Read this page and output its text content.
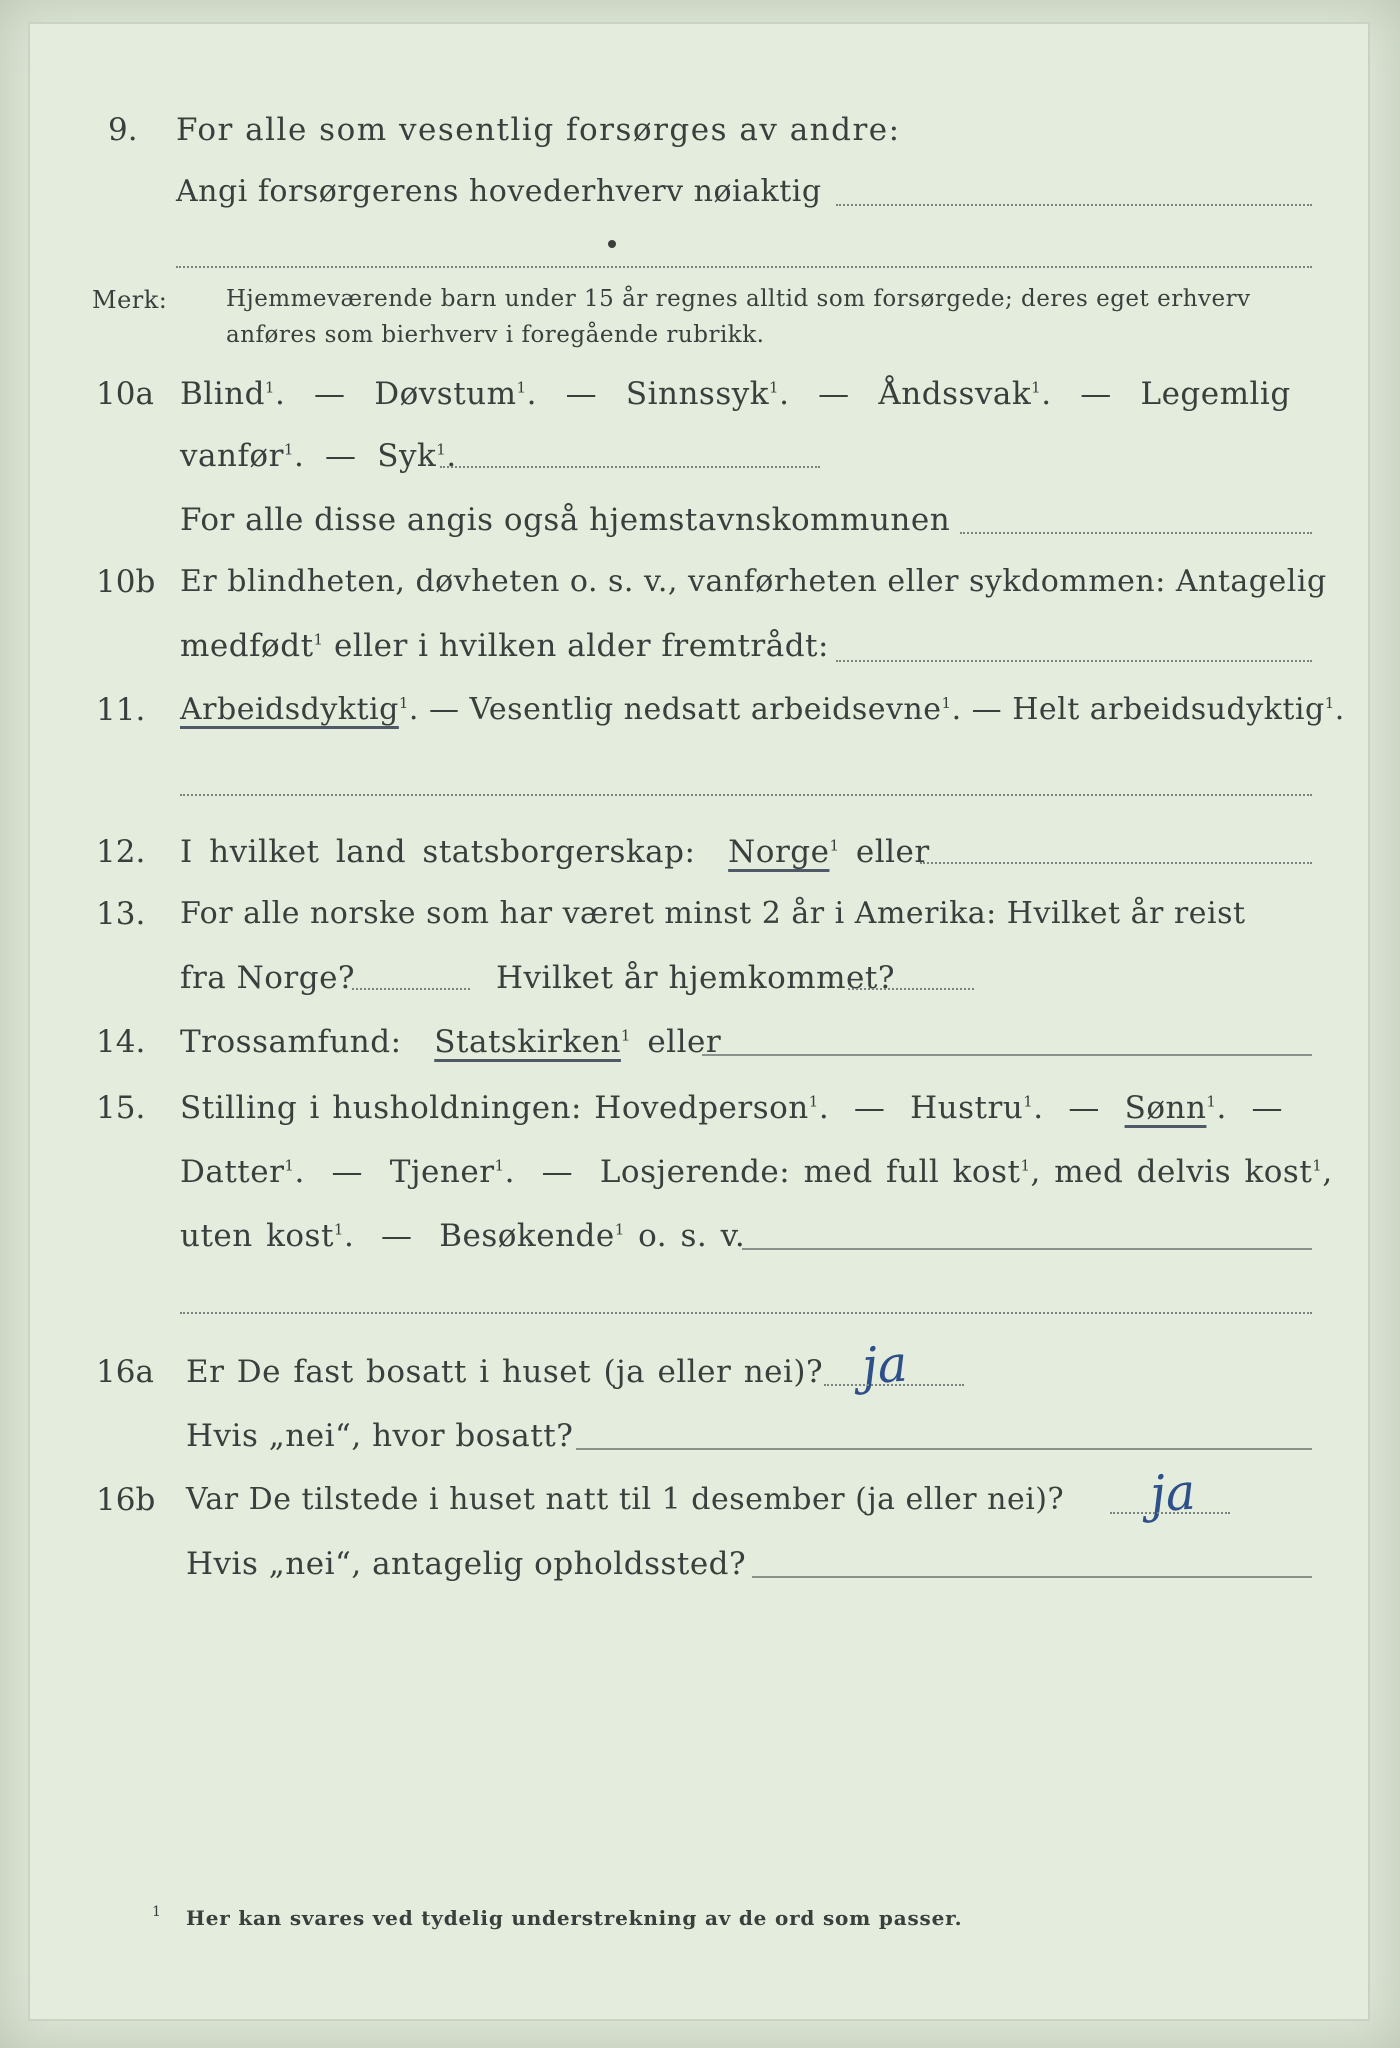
9. For alle som vesentlig forsørges av andre:
Angi forsørgerens hovederhverv nøiaktig
Merk:	Hjemmeværende barn under 15 år regnes alltid som forsørgede; deres eget erhverv
anføres som bierhverv i foregående rubrikk.
10a Blind$^1$.  — Døvstum$^1$.  — Sinnssyk$^1$.  — Åndssvak$^1$.  — Legemlig
vanfør$^1$.  — Syk$^1$.
For alle disse angis også hjemstavnskommunen
10b Er blindheten, døvheten o. s. v., vanførheten eller sykdommen: Antagelig
medfødt$^1$ eller i hvilken alder fremtrådt:
11. Arbeidsdyktig$^1$. — Vesentlig nedsatt arbeidsevne$^1$. — Helt arbeidsudyktig$^1$.
12. I hvilket land statsborgerskap: Norge$^1$ eller
13. For alle norske som har været minst 2 år i Amerika: Hvilket år reist
fra Norge?	Hvilket år hjemkommet?
14. Trossamfund: Statskirken$^1$ eller
15. Stilling i husholdningen: Hovedperson$^1$.  — Hustru$^1$.  — Sønn$^1$.  —
Datter$^1$.  — Tjener$^1$.  — Losjerende: med full kost$^1$, med delvis kost$^1$,
uten kost$^1$.  — Besøkende$^1$ o. s. v.
16a Er De fast bosatt i huset (ja eller nei)? ja
Hvis „nei“, hvor bosatt?
16b Var De tilstede i huset natt til 1 desember (ja eller nei)? ja
Hvis „nei“, antagelig opholdssted?
1 Her kan svares ved tydelig understrekning av de ord som passer.
